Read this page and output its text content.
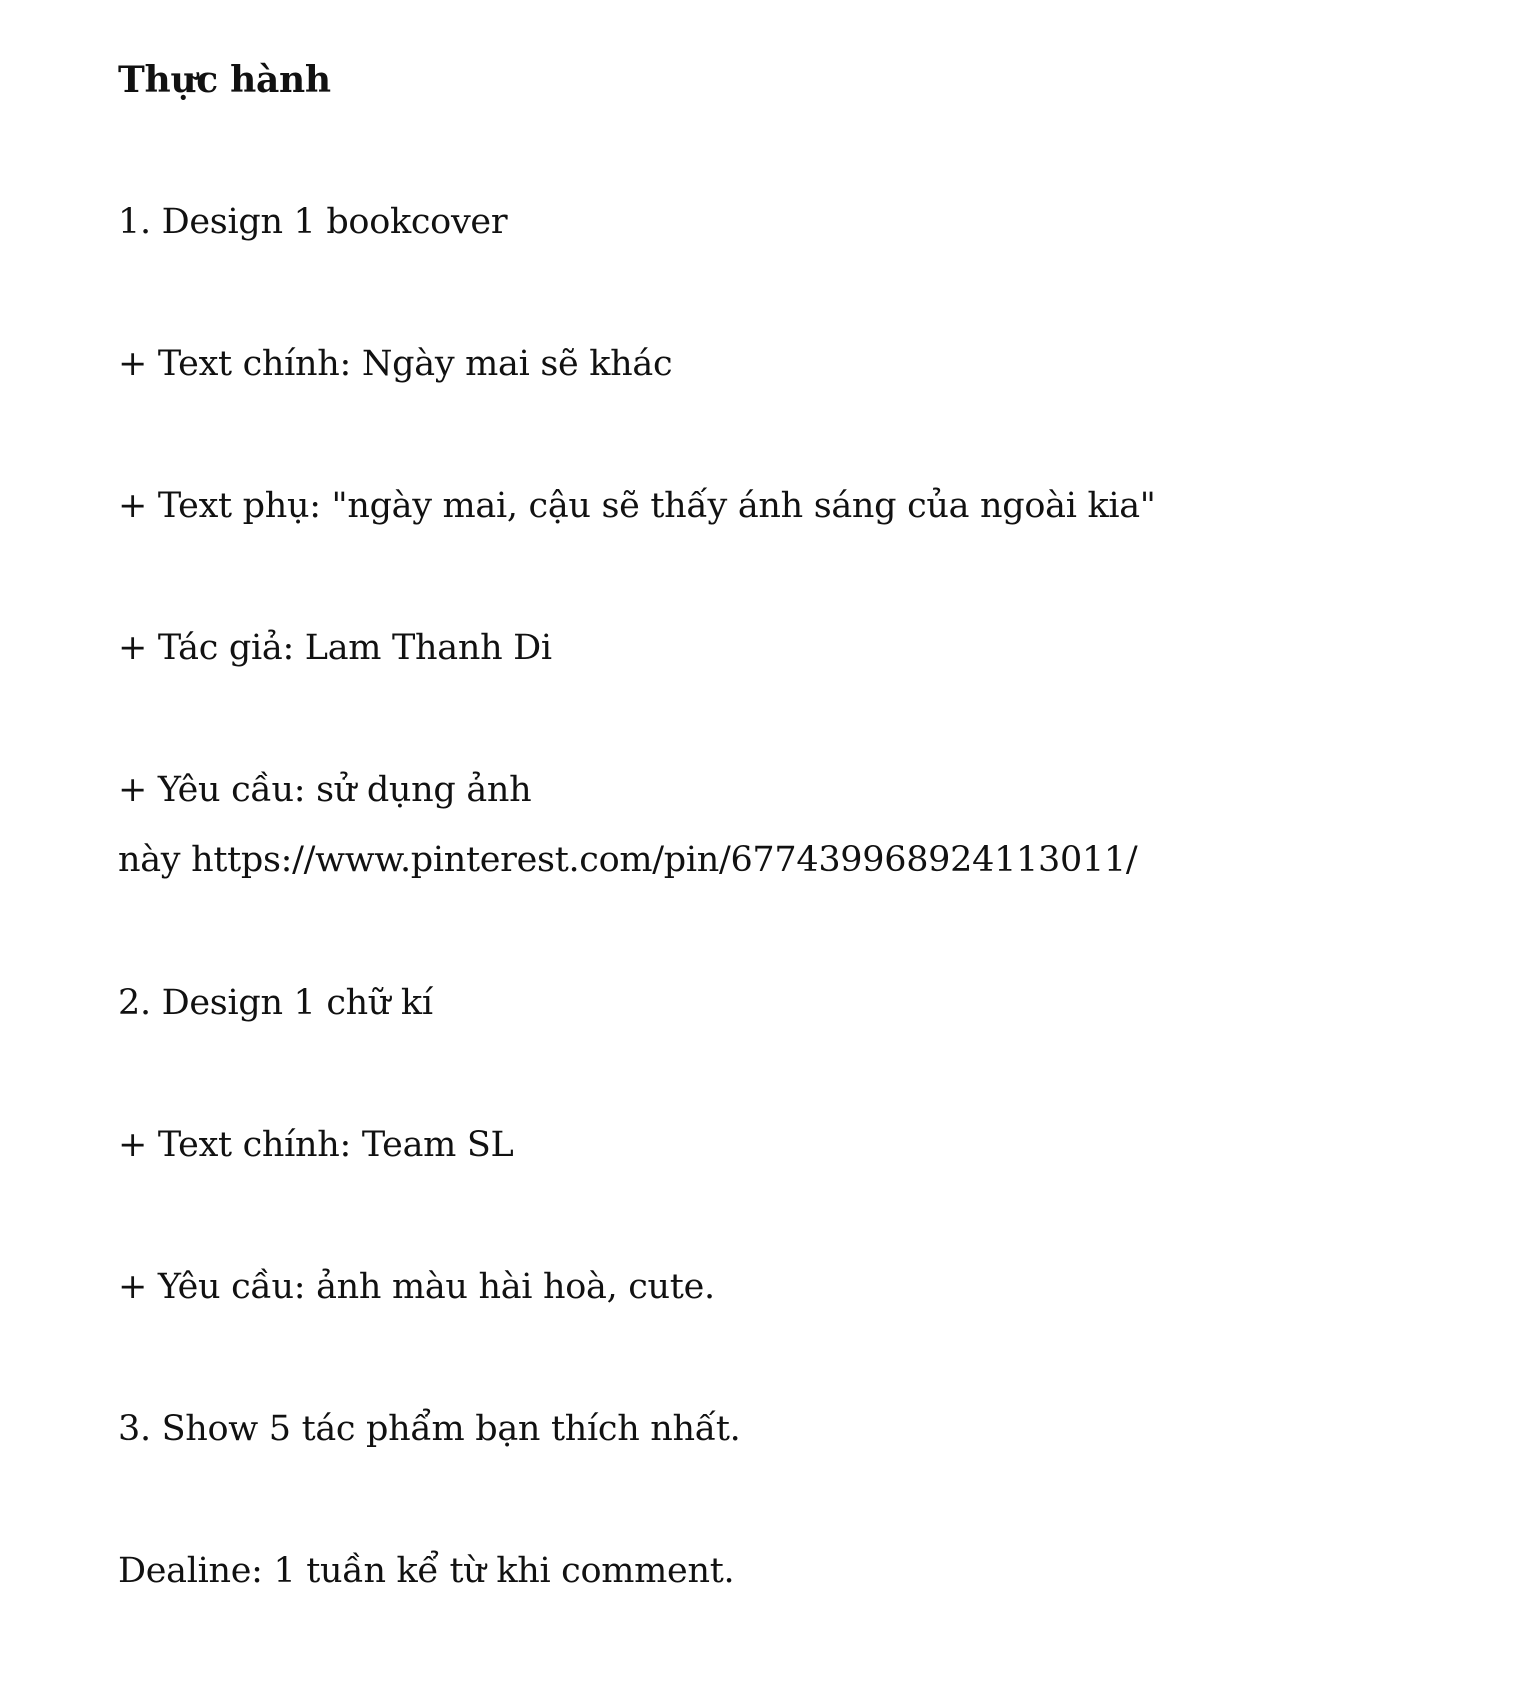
Thực hành
1. Design 1 bookcover
+ Text chính: Ngày mai sẽ khác
+ Text phụ: "ngày mai, cậu sẽ thấy ánh sáng của ngoài kia"
+ Tác giả: Lam Thanh Di
+ Yêu cầu: sử dụng ảnh
này https://www.pinterest.com/pin/677439968924113011/
2. Design 1 chữ kí
+ Text chính: Team SL
+ Yêu cầu: ảnh màu hài hoà, cute.
3. Show 5 tác phẩm bạn thích nhất.
Dealine: 1 tuần kể từ khi comment.
